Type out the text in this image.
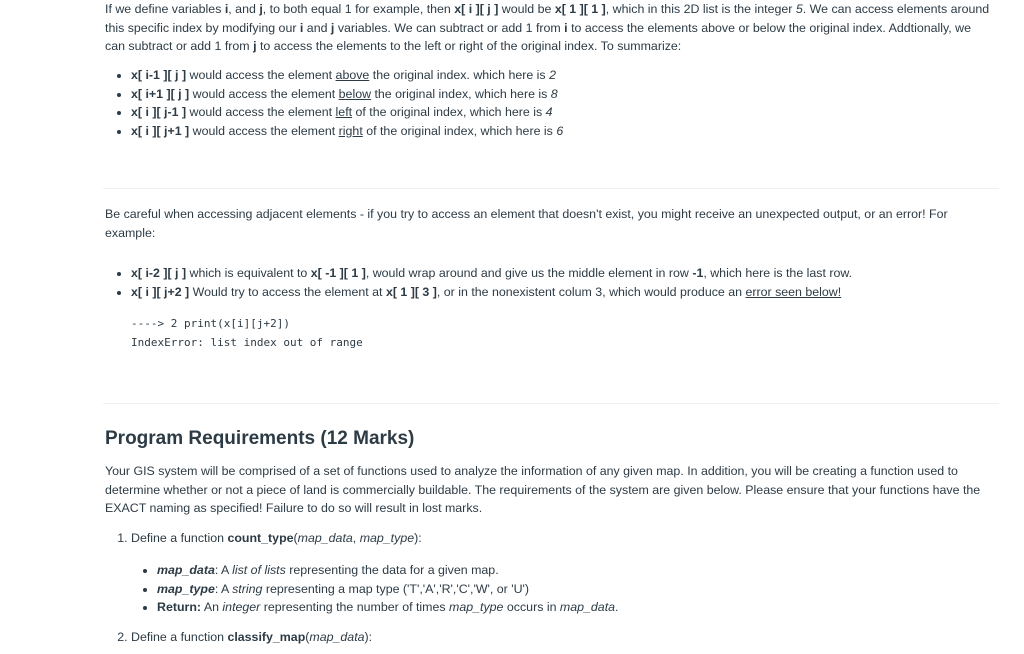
If we define variables i, and j, to both equal 1 for example, then x[ i ][ j ] would be x[ 1 ][ 1 ], which in this 2D list is the integer 5. We can access elements around this specific index by modifying our i and j variables. We can subtract or add 1 from i to access the elements above or below the original index. Addtionally, we can subtract or add 1 from j to access the elements to the left or right of the original index. To summarize:

• x[ i-1 ][ j ] would access the element above the original index. which here is 2
• x[ i+1 ][ j ] would access the element below the original index, which here is 8
• x[ i ][ j-1 ] would access the element left of the original index, which here is 4
• x[ i ][ j+1 ] would access the element right of the original index, which here is 6

Be careful when accessing adjacent elements - if you try to access an element that doesn't exist, you might receive an unexpected output, or an error! For example:

• x[ i-2 ][ j ] which is equivalent to x[ -1 ][ 1 ], would wrap around and give us the middle element in row -1, which here is the last row.
• x[ i ][ j+2 ] Would try to access the element at x[ 1 ][ 3 ], or in the nonexistent colum 3, which would produce an error seen below!
----> 2 print(x[i][j+2])
IndexError: list index out of range
Program Requirements (12 Marks)

Your GIS system will be comprised of a set of functions used to analyze the information of any given map. In addition, you will be creating a function used to determine whether or not a piece of land is commercially buildable. The requirements of the system are given below. Please ensure that your functions have the EXACT naming as specified! Failure to do so will result in lost marks.

1. Define a function count_type(map_data, map_type):
• map_data: A list of lists representing the data for a given map.
• map_type: A string representing a map type ('T','A','R','C','W', or 'U')
• Return: An integer representing the number of times map_type occurs in map_data.
2. Define a function classify_map(map_data):
